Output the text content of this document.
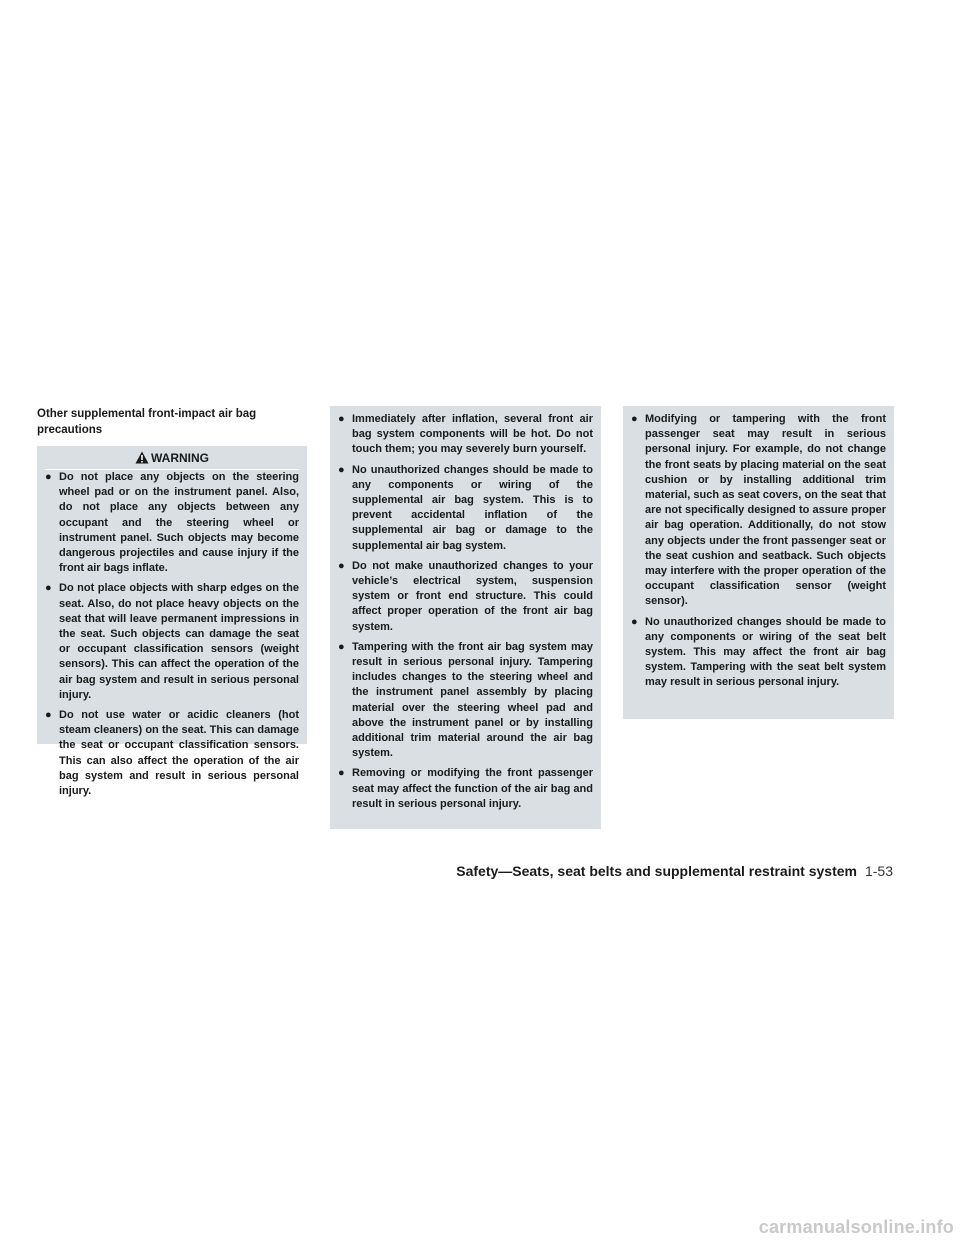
Other supplemental front-impact air bag precautions
WARNING
● Do not place any objects on the steering wheel pad or on the instrument panel. Also, do not place any objects between any occupant and the steering wheel or instrument panel. Such objects may become dangerous projectiles and cause injury if the front air bags inflate.
● Do not place objects with sharp edges on the seat. Also, do not place heavy objects on the seat that will leave permanent impressions in the seat. Such objects can damage the seat or occupant classification sensors (weight sensors). This can affect the operation of the air bag system and result in serious personal injury.
● Do not use water or acidic cleaners (hot steam cleaners) on the seat. This can damage the seat or occupant classification sensors. This can also affect the operation of the air bag system and result in serious personal injury.
● Immediately after inflation, several front air bag system components will be hot. Do not touch them; you may severely burn yourself.
● No unauthorized changes should be made to any components or wiring of the supplemental air bag system. This is to prevent accidental inflation of the supplemental air bag or damage to the supplemental air bag system.
● Do not make unauthorized changes to your vehicle’s electrical system, suspension system or front end structure. This could affect proper operation of the front air bag system.
● Tampering with the front air bag system may result in serious personal injury. Tampering includes changes to the steering wheel and the instrument panel assembly by placing material over the steering wheel pad and above the instrument panel or by installing additional trim material around the air bag system.
● Removing or modifying the front passenger seat may affect the function of the air bag and result in serious personal injury.
● Modifying or tampering with the front passenger seat may result in serious personal injury. For example, do not change the front seats by placing material on the seat cushion or by installing additional trim material, such as seat covers, on the seat that are not specifically designed to assure proper air bag operation. Additionally, do not stow any objects under the front passenger seat or the seat cushion and seatback. Such objects may interfere with the proper operation of the occupant classification sensor (weight sensor).
● No unauthorized changes should be made to any components or wiring of the seat belt system. This may affect the front air bag system. Tampering with the seat belt system may result in serious personal injury.
Safety—Seats, seat belts and supplemental restraint system 1-53
carmanualsonline.info
